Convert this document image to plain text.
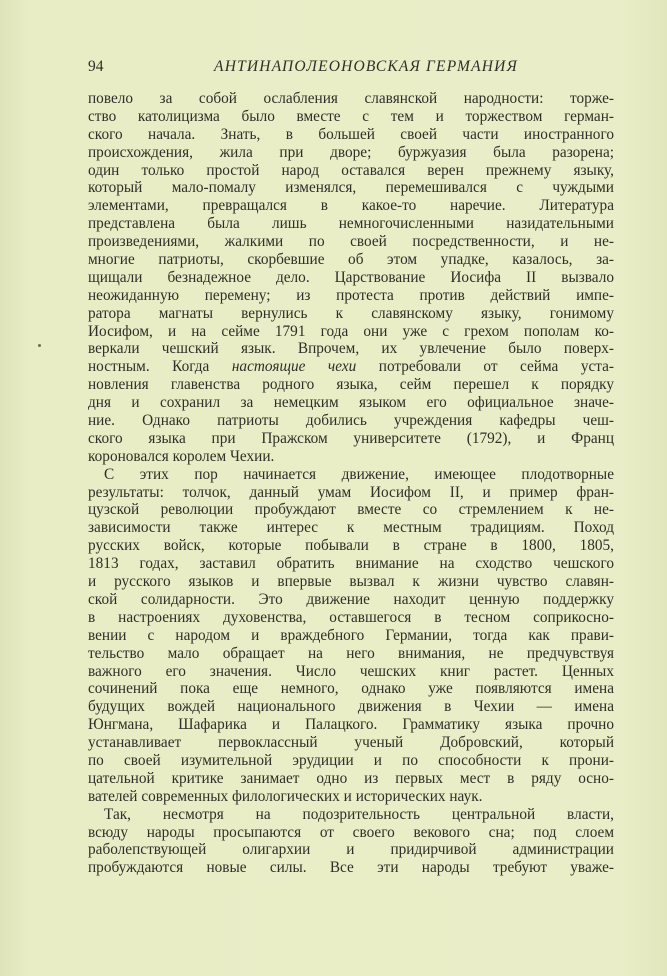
94	АНТИНАПОЛЕОНОВСКАЯ ГЕРМАНИЯ
повело за собой ослабления славянской народности: торже-
ство католицизма было вместе с тем и торжеством герман-
ского начала. Знать, в большей своей части иностранного
происхождения, жила при дворе; буржуазия была разорена;
один только простой народ оставался верен прежнему языку,
который мало-помалу изменялся, перемешивался с чуждыми
элементами, превращался в какое-то наречие. Литература
представлена была лишь немногочисленными назидательными
произведениями, жалкими по своей посредственности, и не-
многие патриоты, скорбевшие об этом упадке, казалось, за-
щищали безнадежное дело. Царствование Иосифа II вызвало
неожиданную перемену; из протеста против действий импе-
ратора магнаты вернулись к славянскому языку, гонимому
Иосифом, и на сейме 1791 года они уже с грехом пополам ко-
веркали чешский язык. Впрочем, их увлечение было поверх-
ностным. Когда настоящие чехи потребовали от сейма уста-
новления главенства родного языка, сейм перешел к порядку
дня и сохранил за немецким языком его официальное значе-
ние. Однако патриоты добились учреждения кафедры чеш-
ского языка при Пражском университете (1792), и Франц
короновался королем Чехии.
С этих пор начинается движение, имеющее плодотворные
результаты: толчок, данный умам Иосифом II, и пример фран-
цузской революции пробуждают вместе со стремлением к не-
зависимости также интерес к местным традициям. Поход
русских войск, которые побывали в стране в 1800, 1805,
1813 годах, заставил обратить внимание на сходство чешского
и русского языков и впервые вызвал к жизни чувство славян-
ской солидарности. Это движение находит ценную поддержку
в настроениях духовенства, оставшегося в тесном соприкосно-
вении с народом и враждебного Германии, тогда как прави-
тельство мало обращает на него внимания, не предчувствуя
важного его значения. Число чешских книг растет. Ценных
сочинений пока еще немного, однако уже появляются имена
будущих вождей национального движения в Чехии — имена
Юнгмана, Шафарика и Палацкого. Грамматику языка прочно
устанавливает первоклассный ученый Добровский, который
по своей изумительной эрудиции и по способности к прони-
цательной критике занимает одно из первых мест в ряду осно-
вателей современных филологических и исторических наук.
Так, несмотря на подозрительность центральной власти,
всюду народы просыпаются от своего векового сна; под слоем
раболепствующей олигархии и придирчивой администрации
пробуждаются новые силы. Все эти народы требуют уваже-
